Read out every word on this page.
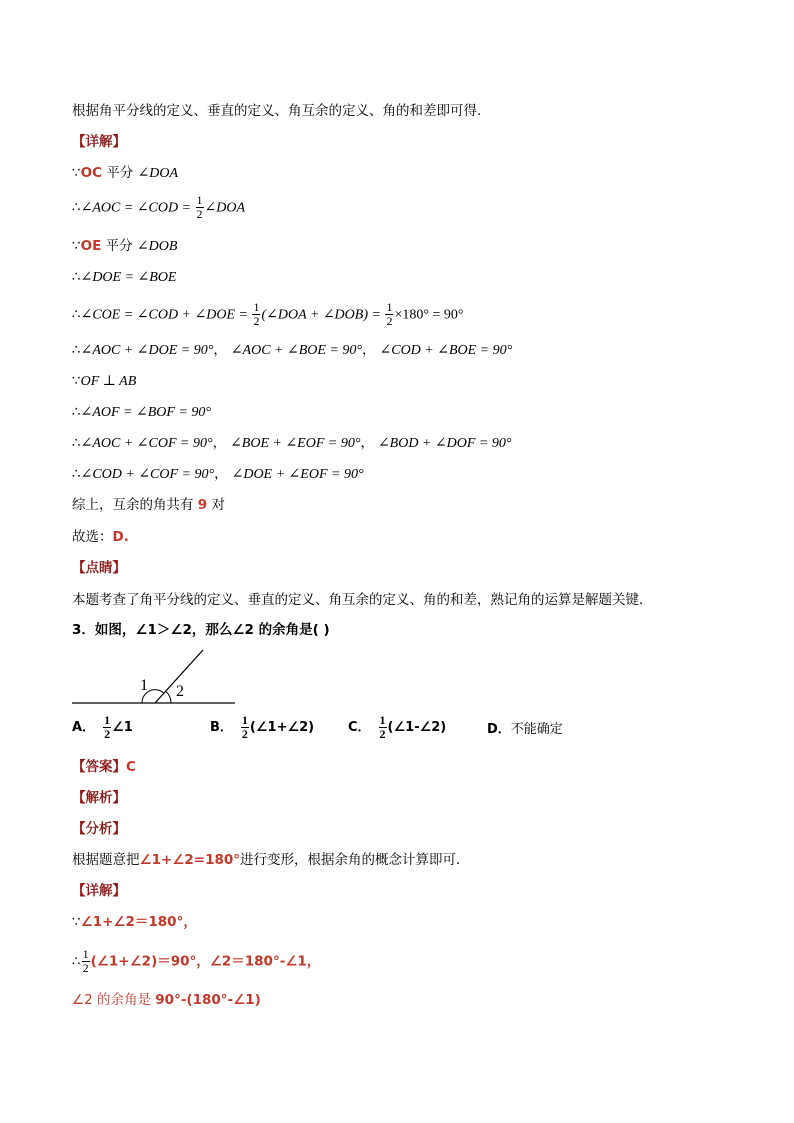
根据角平分线的定义、垂直的定义、角互余的定义、角的和差即可得.
【详解】
∵OC 平分 ∠DOA
∴∠AOC = ∠COD = $\frac{1}{2}$ ∠DOA
∵OE 平分 ∠DOB
∴∠DOE = ∠BOE
∴∠COE = ∠COD + ∠DOE = $\frac{1}{2}$ (∠DOA + ∠DOB) = $\frac{1}{2} \times 180^\circ = 90^\circ$
∴∠AOC + ∠DOE = 90°， ∠AOC + ∠BOE = 90°， ∠COD + ∠BOE = 90°
∵OF ⊥ AB
∴∠AOF = ∠BOF = 90°
∴∠AOC + ∠COF = 90°， ∠BOE + ∠EOF = 90°， ∠BOD + ∠DOF = 90°
∴∠COD + ∠COF = 90°， ∠DOE + ∠EOF = 90°
综上，互余的角共有 9 对
故选：D.
【点睛】
本题考查了角平分线的定义、垂直的定义、角互余的定义、角的和差，熟记角的运算是解题关键．
3．如图，∠1＞∠2，那么∠2 的余角是( )
1 2
A． $\frac{1}{2}$ ∠1	B． $\frac{1}{2}$ (∠1+∠2)	C． $\frac{1}{2}$ (∠1-∠2)	D．不能确定
【答案】C
【解析】
【分析】
根据题意把∠1+∠2=180°进行变形，根据余角的概念计算即可．
【详解】
∵∠1+∠2＝180°，
∴ $\frac{1}{2}$ (∠1+∠2)＝90°，∠2＝180°-∠1，
∠2 的余角是 90°-(180°-∠1)
